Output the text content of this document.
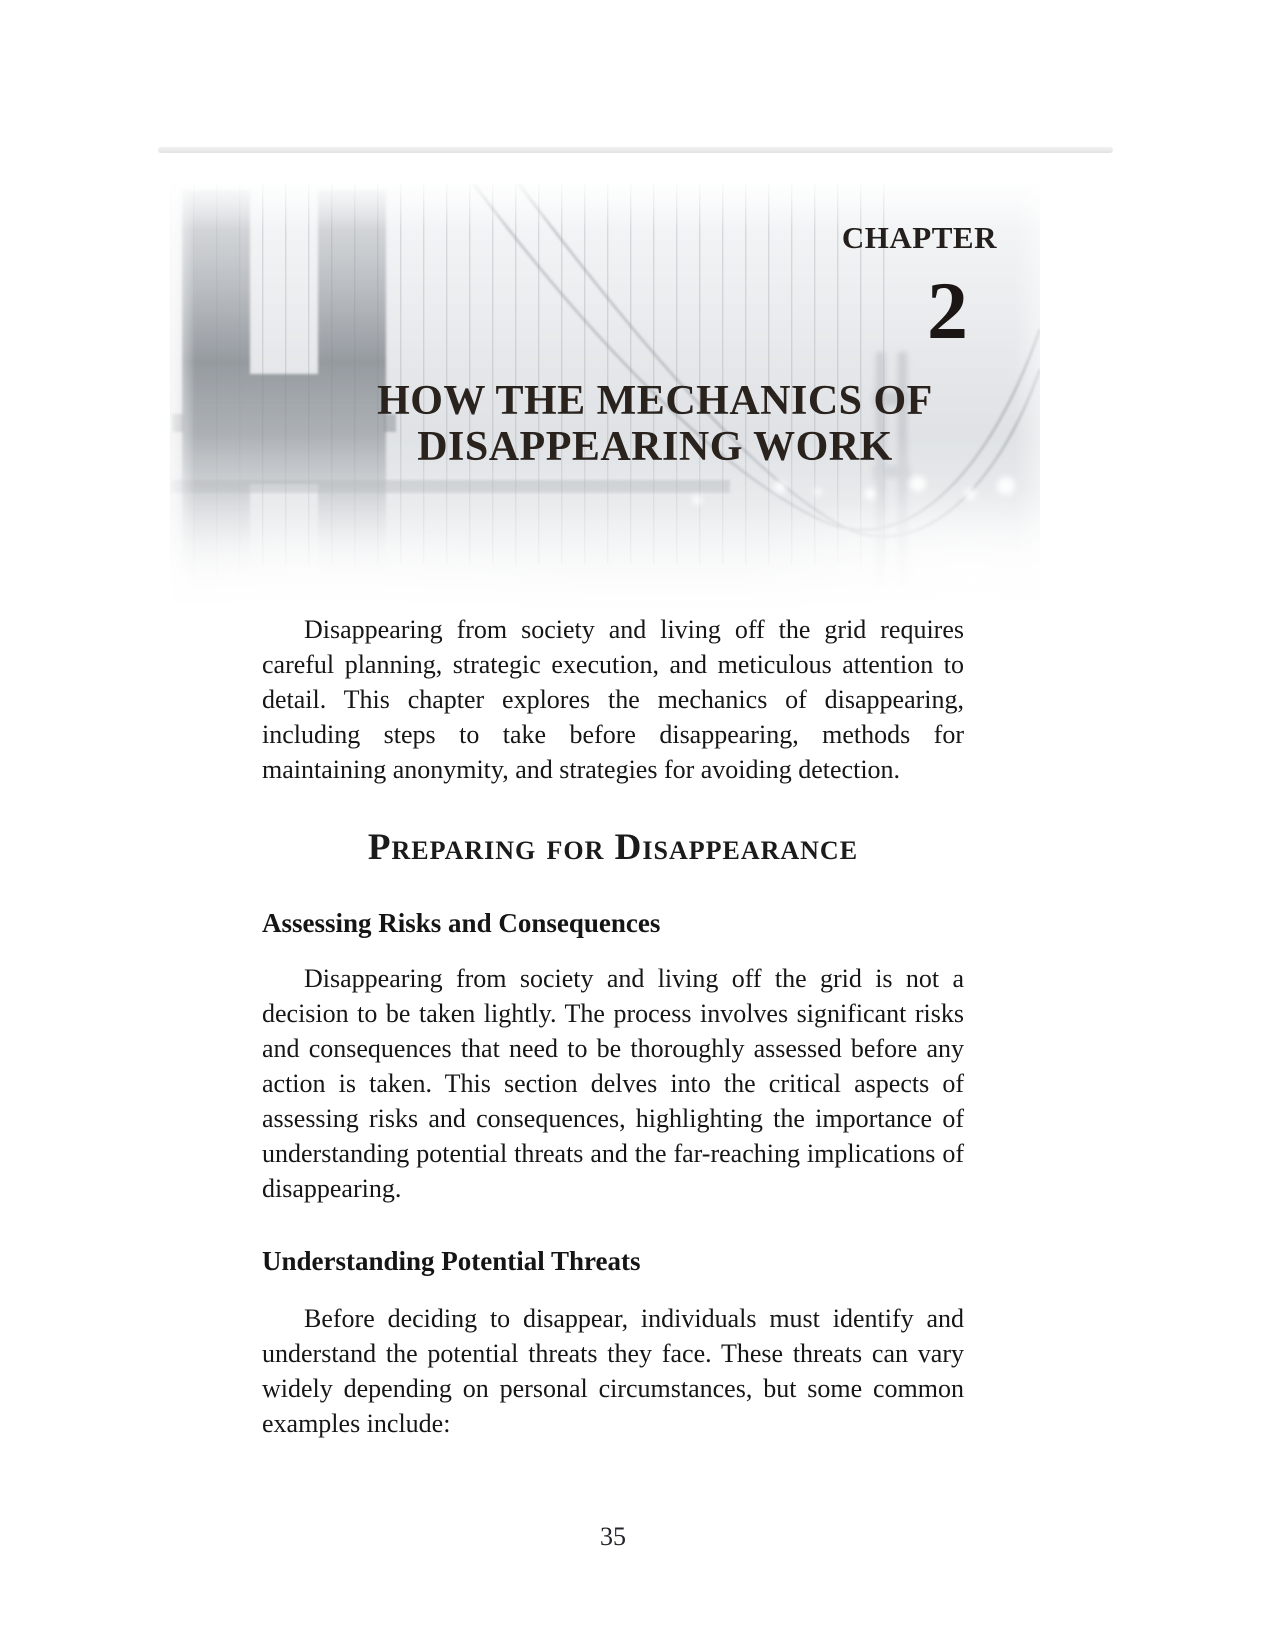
CHAPTER
2
HOW THE MECHANICS OF
DISAPPEARING WORK

Disappearing from society and living off the grid requires careful planning, strategic execution, and meticulous attention to detail. This chapter explores the mechanics of disappearing, including steps to take before disappearing, methods for maintaining anonymity, and strategies for avoiding detection.

Preparing for Disappearance
Assessing Risks and Consequences

Disappearing from society and living off the grid is not a decision to be taken lightly. The process involves significant risks and consequences that need to be thoroughly assessed before any action is taken. This section delves into the critical aspects of assessing risks and consequences, highlighting the importance of understanding potential threats and the far-reaching implications of disappearing.

Understanding Potential Threats

Before deciding to disappear, individuals must identify and understand the potential threats they face. These threats can vary widely depending on personal circumstances, but some common examples include:

35
